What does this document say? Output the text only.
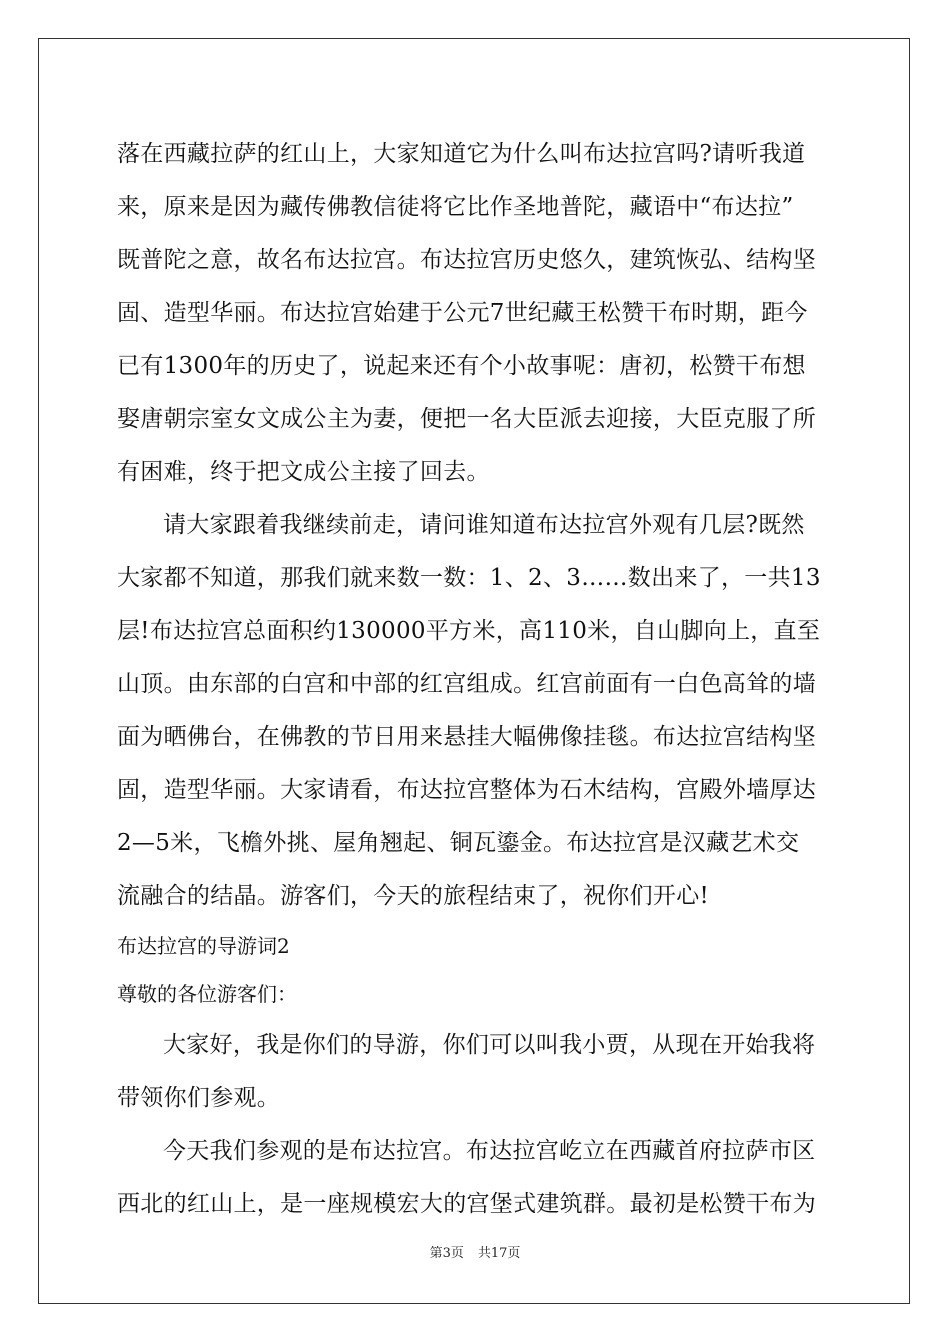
落在西藏拉萨的红山上，大家知道它为什么叫布达拉宫吗?请听我道
来，原来是因为藏传佛教信徒将它比作圣地普陀，藏语中“布达拉”
既普陀之意，故名布达拉宫。布达拉宫历史悠久，建筑恢弘、结构坚
固、造型华丽。布达拉宫始建于公元7世纪藏王松赞干布时期，距今
已有1300年的历史了，说起来还有个小故事呢：唐初，松赞干布想
娶唐朝宗室女文成公主为妻，便把一名大臣派去迎接，大臣克服了所
有困难，终于把文成公主接了回去。
请大家跟着我继续前走，请问谁知道布达拉宫外观有几层?既然
大家都不知道，那我们就来数一数：1、2、3……数出来了，一共13
层!布达拉宫总面积约130000平方米，高110米，自山脚向上，直至
山顶。由东部的白宫和中部的红宫组成。红宫前面有一白色高耸的墙
面为晒佛台，在佛教的节日用来悬挂大幅佛像挂毯。布达拉宫结构坚
固，造型华丽。大家请看，布达拉宫整体为石木结构，宫殿外墙厚达
2—5米，飞檐外挑、屋角翘起、铜瓦鎏金。布达拉宫是汉藏艺术交
流融合的结晶。游客们，今天的旅程结束了，祝你们开心!
布达拉宫的导游词2
尊敬的各位游客们：
大家好，我是你们的导游，你们可以叫我小贾，从现在开始我将
带领你们参观。
今天我们参观的是布达拉宫。布达拉宫屹立在西藏首府拉萨市区
西北的红山上，是一座规模宏大的宫堡式建筑群。最初是松赞干布为
第3页 共17页
